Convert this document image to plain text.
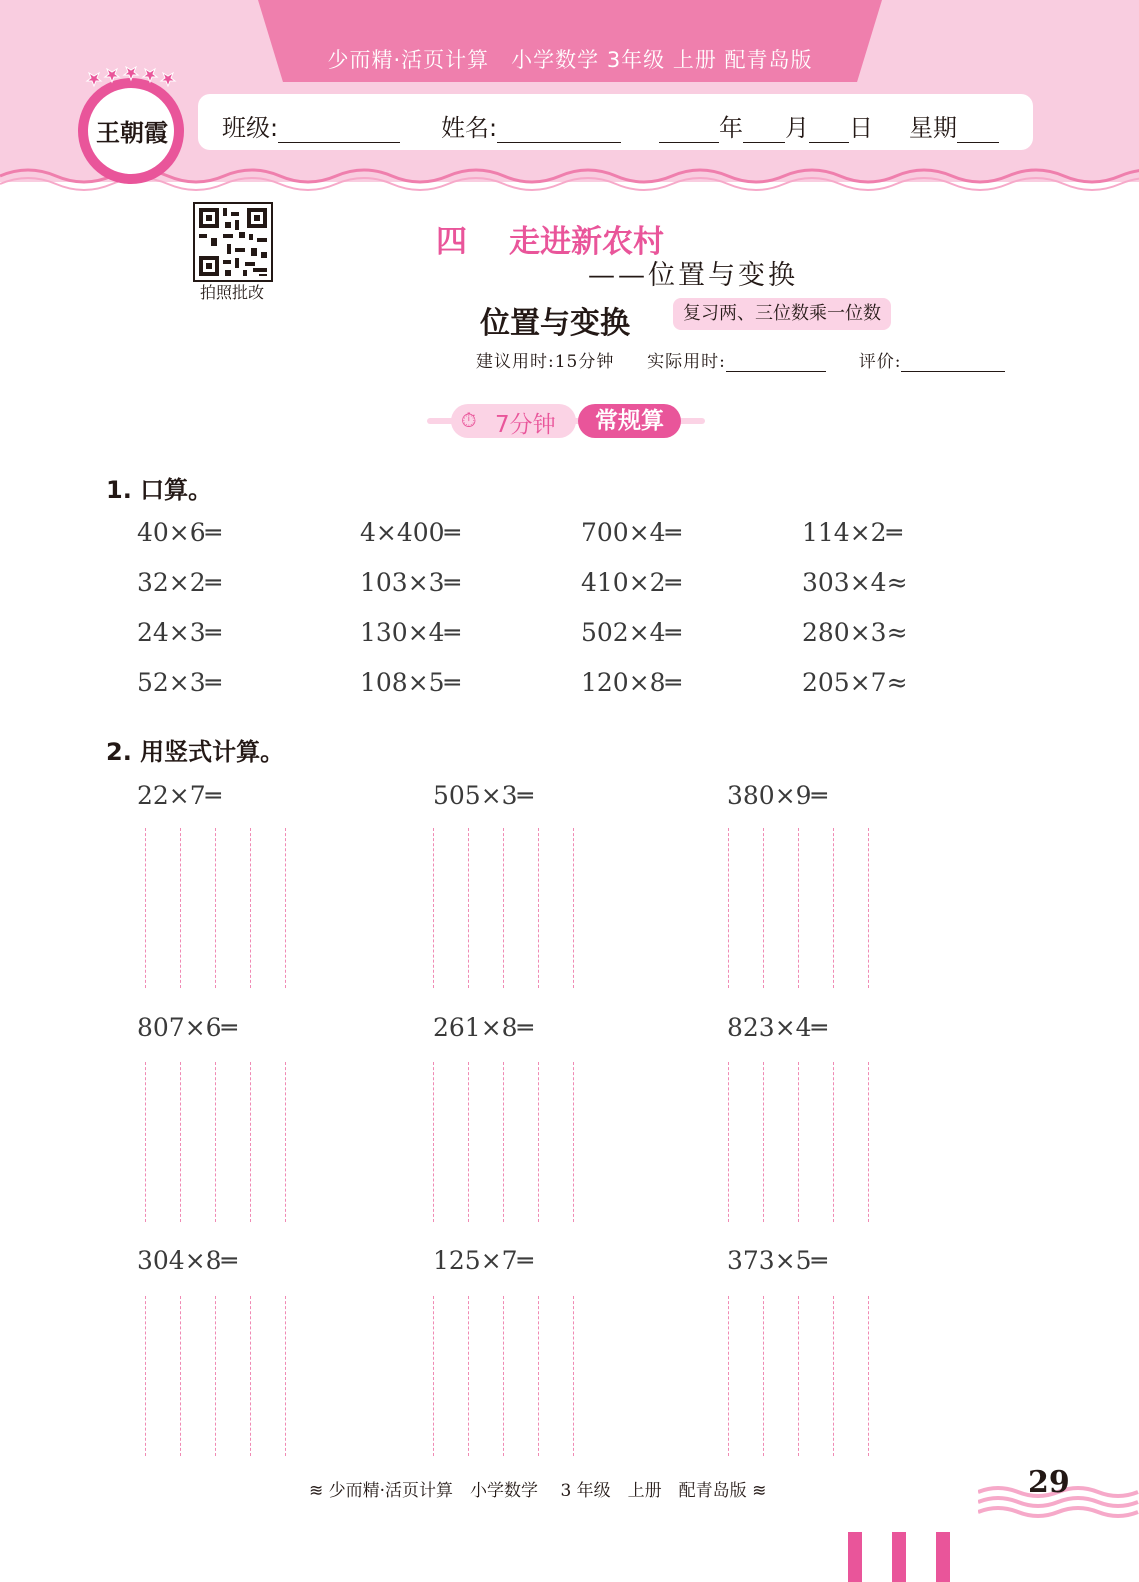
少而精·活页计算　小学数学 3年级 上册 配青岛版
班级:	姓名:	年 月 日 星期
王朝霞
拍照批改
四 走进新农村
——位置与变换
位置与变换	复习两、三位数乘一位数
建议用时:15分钟 实际用时:	评价:
⏱ 7分钟	常规算
1. 口算。
40×6═	4×400═	700×4═	114×2═
32×2═	103×3═	410×2═	303×4≈
24×3═	130×4═	502×4═	280×3≈
52×3═	108×5═	120×8═	205×7≈
2. 用竖式计算。
22×7═	505×3═	380×9═
807×6═	261×8═	823×4═
304×8═	125×7═	373×5═
≋ 少而精·活页计算　小学数学　 3 年级　上册　配青岛版 ≋	29
